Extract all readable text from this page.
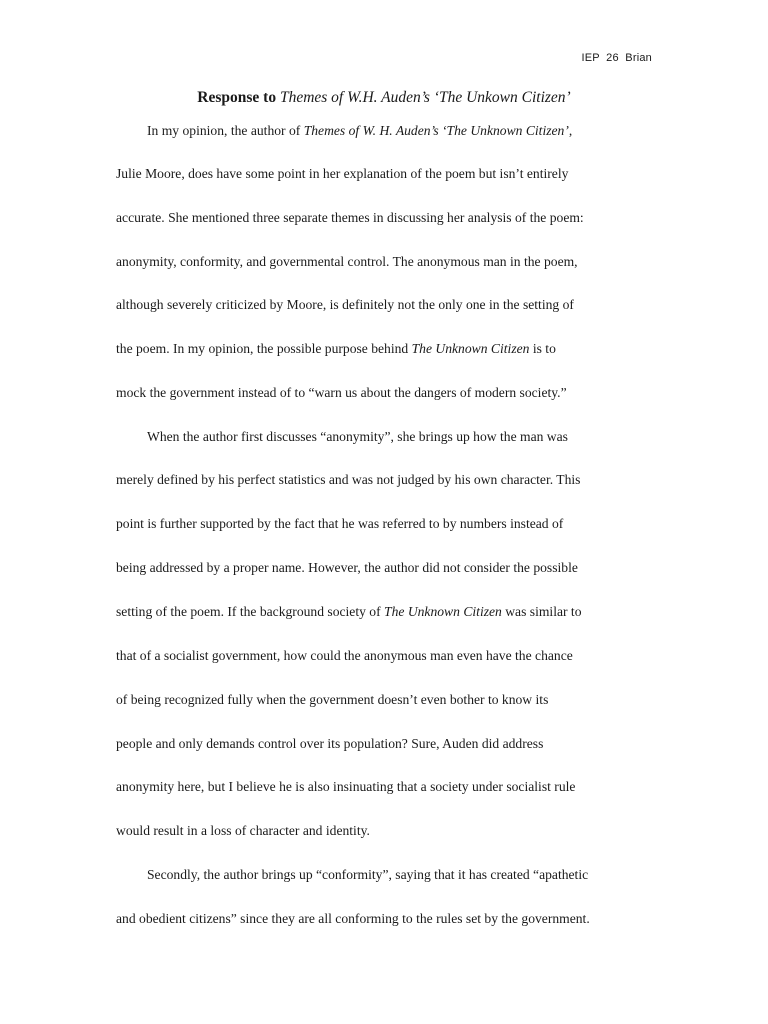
IEP  26  Brian
Response to Themes of W.H. Auden’s ‘The Unkown Citizen’
In my opinion, the author of Themes of W. H. Auden’s ‘The Unknown Citizen’,
Julie Moore, does have some point in her explanation of the poem but isn’t entirely
accurate. She mentioned three separate themes in discussing her analysis of the poem:
anonymity, conformity, and governmental control. The anonymous man in the poem,
although severely criticized by Moore, is definitely not the only one in the setting of
the poem. In my opinion, the possible purpose behind The Unknown Citizen is to
mock the government instead of to “warn us about the dangers of modern society.”
When the author first discusses “anonymity”, she brings up how the man was
merely defined by his perfect statistics and was not judged by his own character. This
point is further supported by the fact that he was referred to by numbers instead of
being addressed by a proper name. However, the author did not consider the possible
setting of the poem. If the background society of The Unknown Citizen was similar to
that of a socialist government, how could the anonymous man even have the chance
of being recognized fully when the government doesn’t even bother to know its
people and only demands control over its population? Sure, Auden did address
anonymity here, but I believe he is also insinuating that a society under socialist rule
would result in a loss of character and identity.
Secondly, the author brings up “conformity”, saying that it has created “apathetic
and obedient citizens” since they are all conforming to the rules set by the government.
